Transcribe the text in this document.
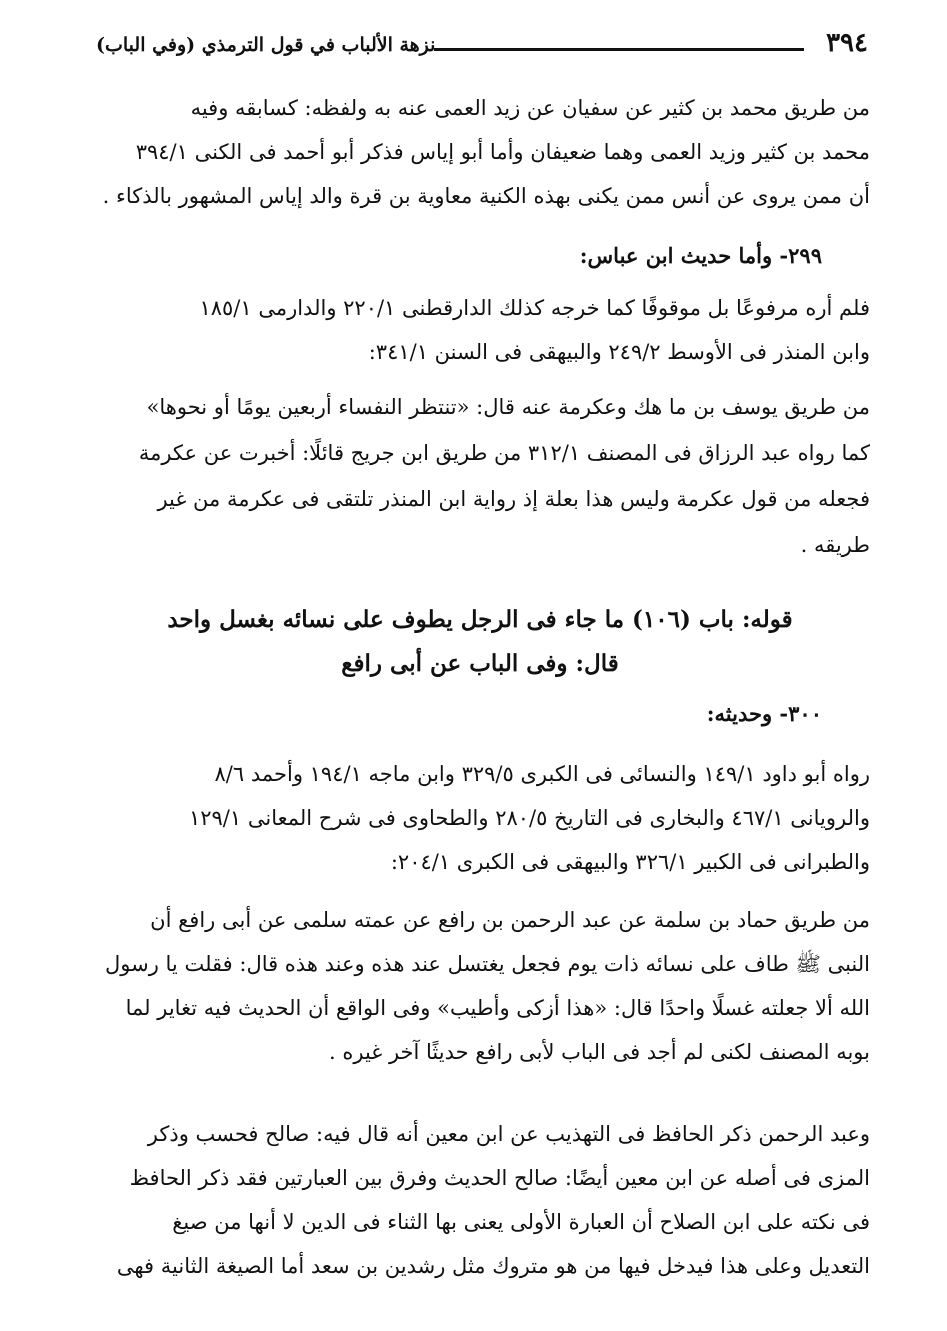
٣٩٤
نزهة الألباب في قول الترمذي (وفي الباب)
من طريق محمد بن كثير عن سفيان عن زيد العمى عنه به ولفظه: كسابقه وفيه
محمد بن كثير وزيد العمى وهما ضعيفان وأما أبو إياس فذكر أبو أحمد فى الكنى ٣٩٤/١
أن ممن يروى عن أنس ممن يكنى بهذه الكنية معاوية بن قرة والد إياس المشهور بالذكاء .
٢٩٩- وأما حديث ابن عباس:
فلم أره مرفوعًا بل موقوفًا كما خرجه كذلك الدارقطنى ٢٢٠/١ والدارمى ١٨٥/١
وابن المنذر فى الأوسط ٢٤٩/٢ والبيهقى فى السنن ٣٤١/١:
من طريق يوسف بن ما هك وعكرمة عنه قال: «تنتظر النفساء أربعين يومًا أو نحوها»
كما رواه عبد الرزاق فى المصنف ٣١٢/١ من طريق ابن جريج قائلًا: أخبرت عن عكرمة
فجعله من قول عكرمة وليس هذا بعلة إذ رواية ابن المنذر تلتقى فى عكرمة من غير
طريقه .
قوله: باب (١٠٦) ما جاء فى الرجل يطوف على نسائه بغسل واحد
قال: وفى الباب عن أبى رافع
٣٠٠- وحديثه:
رواه أبو داود ١٤٩/١ والنسائى فى الكبرى ٣٢٩/٥ وابن ماجه ١٩٤/١ وأحمد ٨/٦
والرويانى ٤٦٧/١ والبخارى فى التاريخ ٢٨٠/٥ والطحاوى فى شرح المعانى ١٢٩/١
والطبرانى فى الكبير ٣٢٦/١ والبيهقى فى الكبرى ٢٠٤/١:
من طريق حماد بن سلمة عن عبد الرحمن بن رافع عن عمته سلمى عن أبى رافع أن
النبى ﷺ طاف على نسائه ذات يوم فجعل يغتسل عند هذه وعند هذه قال: فقلت يا رسول
الله ألا جعلته غسلًا واحدًا قال: «هذا أزكى وأطيب» وفى الواقع أن الحديث فيه تغاير لما
بوبه المصنف لكنى لم أجد فى الباب لأبى رافع حديثًا آخر غيره .
وعبد الرحمن ذكر الحافظ فى التهذيب عن ابن معين أنه قال فيه: صالح فحسب وذكر
المزى فى أصله عن ابن معين أيضًا: صالح الحديث وفرق بين العبارتين فقد ذكر الحافظ
فى نكته على ابن الصلاح أن العبارة الأولى يعنى بها الثناء فى الدين لا أنها من صيغ
التعديل وعلى هذا فيدخل فيها من هو متروك مثل رشدين بن سعد أما الصيغة الثانية فهى
